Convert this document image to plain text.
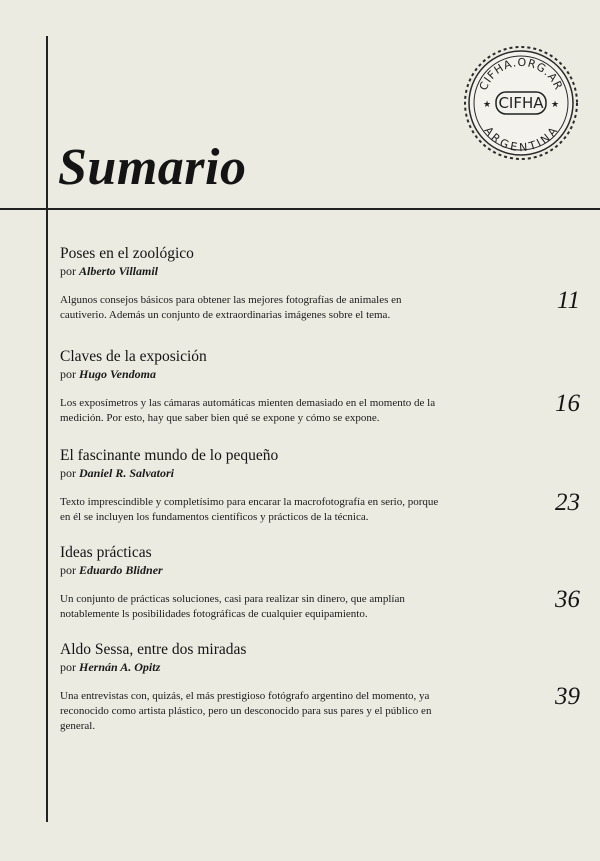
Sumario
CIFHA.ORG.AR
ARGENTINA
CIFHA
★	★
Poses en el zoológico
por Alberto Villamil
Algunos consejos básicos para obtener las mejores fotografías de animales en cautiverio. Además un conjunto de extraordinarias imágenes sobre el tema.
11
Claves de la exposición
por Hugo Vendoma
Los exposímetros y las cámaras automáticas mienten demasiado en el momento de la medición. Por esto, hay que saber bien qué se expone y cómo se expone.
16
El fascinante mundo de lo pequeño
por Daniel R. Salvatori
Texto imprescindible y completísimo para encarar la macrofotografía en serio, porque en él se incluyen los fundamentos científicos y prácticos de la técnica.
23
Ideas prácticas
por Eduardo Blidner
Un conjunto de prácticas soluciones, casi para realizar sin dinero, que amplían notablemente ls posibilidades fotográficas de cualquier equipamiento.
36
Aldo Sessa, entre dos miradas
por Hernán A. Opitz
Una entrevistas con, quizás, el más prestigioso fotógrafo argentino del momento, ya reconocido como artista plástico, pero un desconocido para sus pares y el público en general.
39
